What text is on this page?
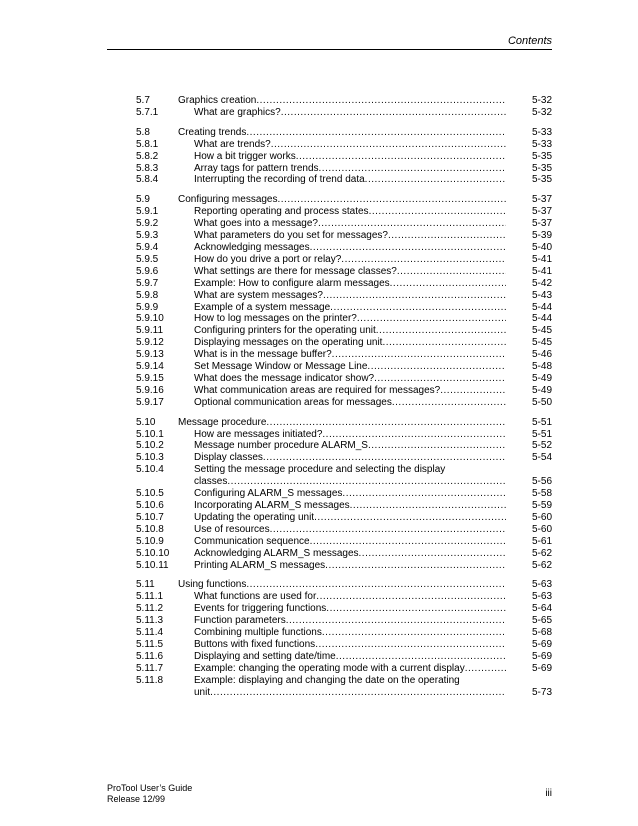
Contents
5.7	Graphics creation .....	5-32
5.7.1	What are graphics? .....	5-32
5.8	Creating trends .....	5-33
5.8.1	What are trends? .....	5-33
5.8.2	How a bit trigger works .....	5-35
5.8.3	Array tags for pattern trends .....	5-35
5.8.4	Interrupting the recording of trend data .....	5-35
5.9	Configuring messages .....	5-37
5.9.1	Reporting operating and process states .....	5-37
5.9.2	What goes into a message? .....	5-37
5.9.3	What parameters do you set for messages? .....	5-39
5.9.4	Acknowledging messages .....	5-40
5.9.5	How do you drive a port or relay? .....	5-41
5.9.6	What settings are there for message classes? .....	5-41
5.9.7	Example: How to configure alarm messages .....	5-42
5.9.8	What are system messages? .....	5-43
5.9.9	Example of a system message .....	5-44
5.9.10	How to log messages on the printer? .....	5-44
5.9.11	Configuring printers for the operating unit .....	5-45
5.9.12	Displaying messages on the operating unit .....	5-45
5.9.13	What is in the message buffer? .....	5-46
5.9.14	Set Message Window or Message Line .....	5-48
5.9.15	What does the message indicator show? .....	5-49
5.9.16	What communication areas are required for messages? .....	5-49
5.9.17	Optional communication areas for messages .....	5-50
5.10	Message procedure .....	5-51
5.10.1	How are messages initiated? .....	5-51
5.10.2	Message number procedure ALARM_S .....	5-52
5.10.3	Display classes .....	5-54
5.10.4	Setting the message procedure and selecting the display
classes .....	5-56
5.10.5	Configuring ALARM_S messages .....	5-58
5.10.6	Incorporating ALARM_S messages .....	5-59
5.10.7	Updating the operating unit .....	5-60
5.10.8	Use of resources .....	5-60
5.10.9	Communication sequence .....	5-61
5.10.10	Acknowledging ALARM_S messages .....	5-62
5.10.11	Printing ALARM_S messages .....	5-62
5.11	Using functions .....	5-63
5.11.1	What functions are used for .....	5-63
5.11.2	Events for triggering functions .....	5-64
5.11.3	Function parameters .....	5-65
5.11.4	Combining multiple functions .....	5-68
5.11.5	Buttons with fixed functions .....	5-69
5.11.6	Displaying and setting date/time .....	5-69
5.11.7	Example: changing the operating mode with a current display .....	5-69
5.11.8	Example: displaying and changing the date on the operating
unit .....	5-73
ProTool User’s Guide
Release 12/99	iii
